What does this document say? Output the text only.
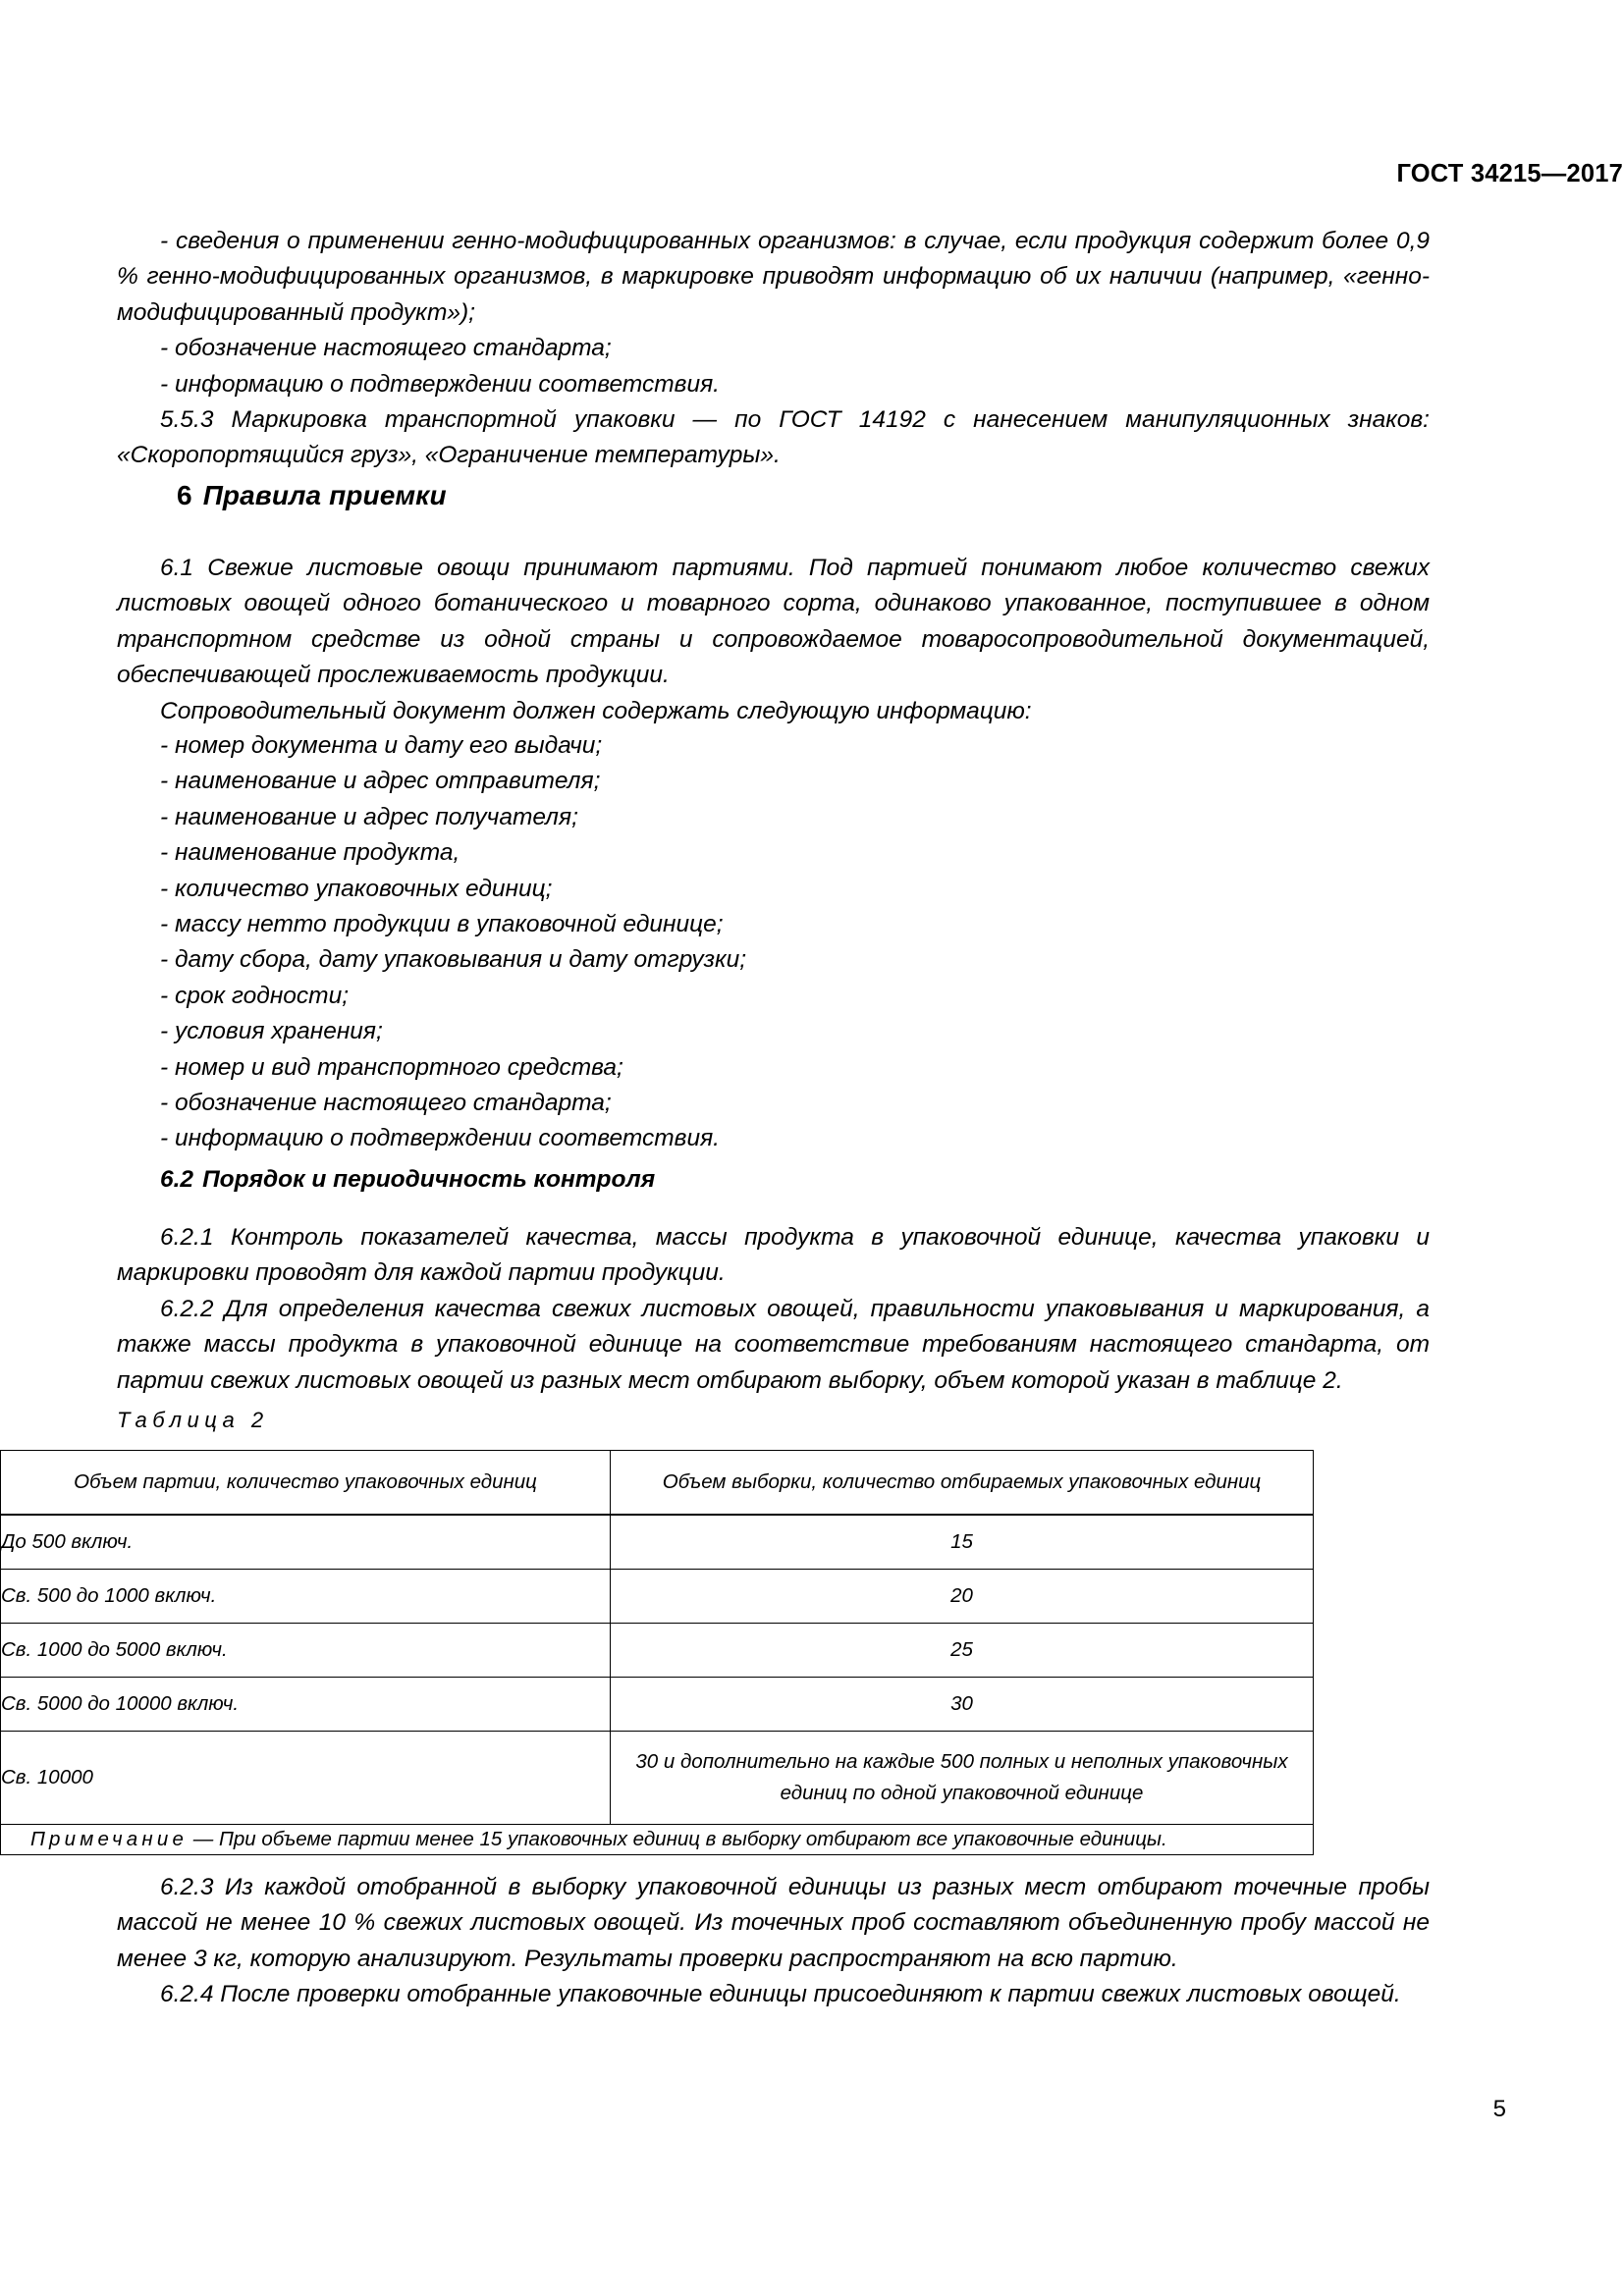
ГОСТ 34215—2017

- сведения о применении генно-модифицированных организмов: в случае, если продукция содержит более 0,9 % генно-модифицированных организмов, в маркировке приводят информацию об их наличии (например, «генно-модифицированный продукт»);

- обозначение настоящего стандарта;
- информацию о подтверждении соответствия.

5.5.3 Маркировка транспортной упаковки — по ГОСТ 14192 с нанесением манипуляционных знаков: «Скоропортящийся груз», «Ограничение температуры».

6 Правила приемки

6.1 Свежие листовые овощи принимают партиями. Под партией понимают любое количество свежих листовых овощей одного ботанического и товарного сорта, одинаково упакованное, поступившее в одном транспортном средстве из одной страны и сопровождаемое товаросопроводительной документацией, обеспечивающей прослеживаемость продукции.

Сопроводительный документ должен содержать следующую информацию:

- номер документа и дату его выдачи;
- наименование и адрес отправителя;
- наименование и адрес получателя;
- наименование продукта,
- количество упаковочных единиц;
- массу нетто продукции в упаковочной единице;
- дату сбора, дату упаковывания и дату отгрузки;
- срок годности;
- условия хранения;
- номер и вид транспортного средства;
- обозначение настоящего стандарта;
- информацию о подтверждении соответствия.
6.2 Порядок и периодичность контроля

6.2.1 Контроль показателей качества, массы продукта в упаковочной единице, качества упаковки и маркировки проводят для каждой партии продукции.

6.2.2 Для определения качества свежих листовых овощей, правильности упаковывания и маркирования, а также массы продукта в упаковочной единице на соответствие требованиям настоящего стандарта, от партии свежих листовых овощей из разных мест отбирают выборку, объем которой указан в таблице 2.

Таблица 2
Объем партии, количество упаковочных единиц	Объем выборки, количество отбираемых упаковочных единиц
До 500 включ.	15
Св. 500 до 1000 включ.	20
Св. 1000 до 5000 включ.	25
Св. 5000 до 10000 включ.	30
Св. 10000	30 и дополнительно на каждые 500 полных и неполных упаковочных единиц по одной упаковочной единице
Примечание — При объеме партии менее 15 упаковочных единиц в выборку отбирают все упаковочные единицы.	

6.2.3 Из каждой отобранной в выборку упаковочной единицы из разных мест отбирают точечные пробы массой не менее 10 % свежих листовых овощей. Из точечных проб составляют объединенную пробу массой не менее 3 кг, которую анализируют. Результаты проверки распространяют на всю партию.

6.2.4 После проверки отобранные упаковочные единицы присоединяют к партии свежих листовых овощей.

5
